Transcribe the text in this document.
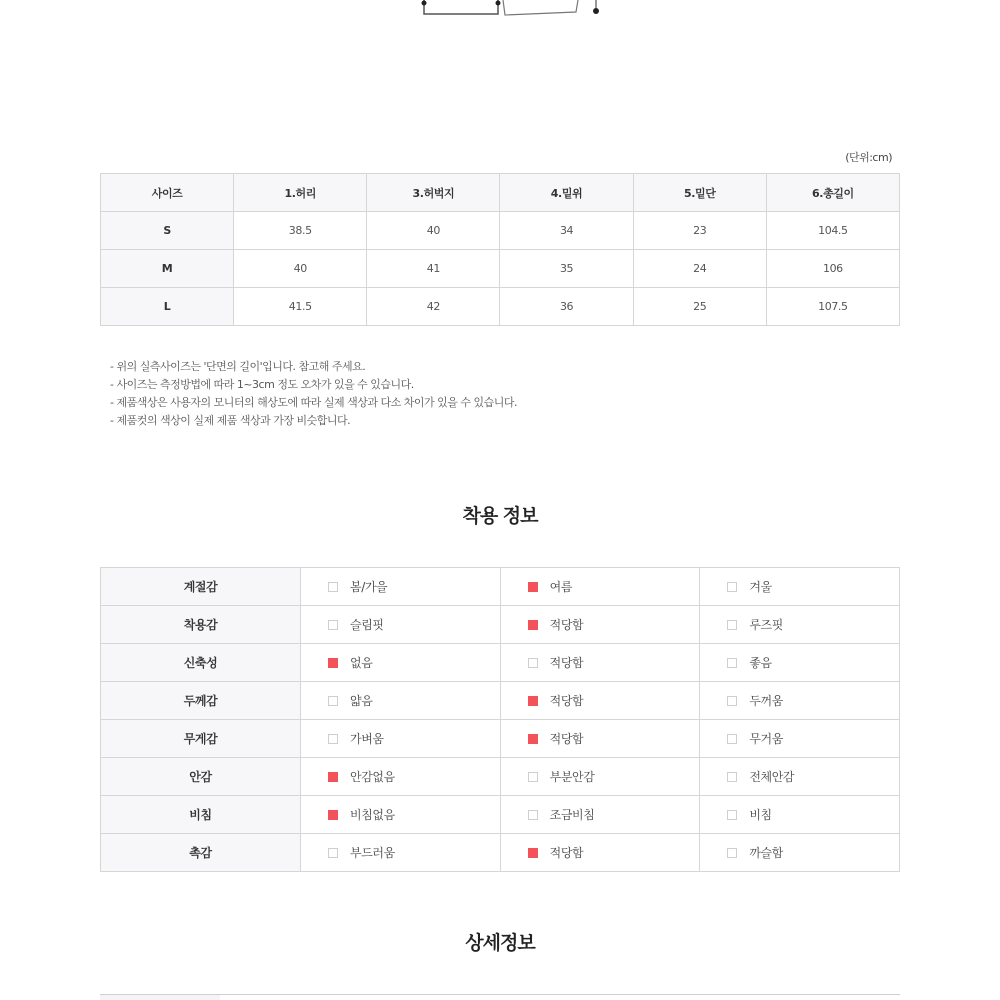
(단위:cm)
사이즈	1.허리	3.허벅지	4.밑위	5.밑단	6.총길이
S	38.5	40	34	23	104.5
M	40	41	35	24	106
L	41.5	42	36	25	107.5
- 위의 실측사이즈는 '단면의 길이'입니다. 참고해 주세요.
- 사이즈는 측정방법에 따라 1~3cm 정도 오차가 있을 수 있습니다.
- 제품색상은 사용자의 모니터의 해상도에 따라 실제 색상과 다소 차이가 있을 수 있습니다.
- 제품컷의 색상이 실제 제품 색상과 가장 비슷합니다.
착용 정보
계절감	봄/가을	여름	겨울
착용감	슬림핏	적당함	루즈핏
신축성	없음	적당함	좋음
두께감	얇음	적당함	두꺼움
무게감	가벼움	적당함	무거움
안감	안감없음	부분안감	전체안감
비침	비침없음	조금비침	비침
촉감	부드러움	적당함	까슬함
상세정보
